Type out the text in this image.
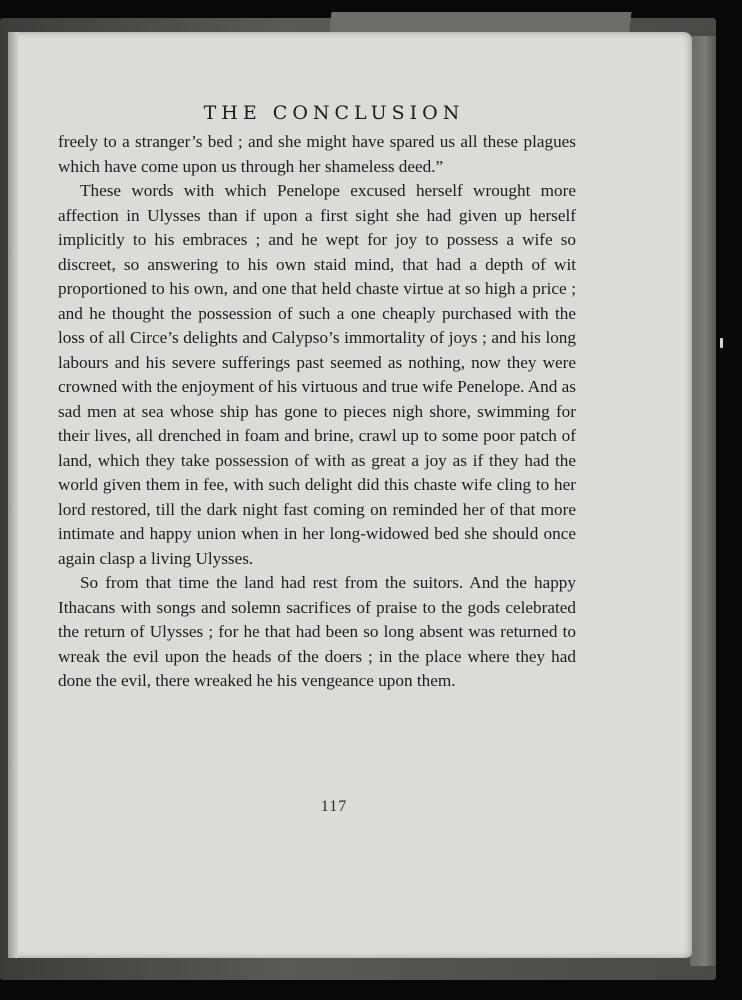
THE CONCLUSION

freely to a stranger’s bed ; and she might have spared us all these plagues which have come upon us through her shameless deed.”

These words with which Penelope excused herself wrought more affection in Ulysses than if upon a first sight she had given up herself implicitly to his embraces ; and he wept for joy to possess a wife so discreet, so answering to his own staid mind, that had a depth of wit proportioned to his own, and one that held chaste virtue at so high a price ; and he thought the possession of such a one cheaply purchased with the loss of all Circe’s delights and Calypso’s immortality of joys ; and his long labours and his severe sufferings past seemed as nothing, now they were crowned with the enjoyment of his virtuous and true wife Penelope. And as sad men at sea whose ship has gone to pieces nigh shore, swimming for their lives, all drenched in foam and brine, crawl up to some poor patch of land, which they take possession of with as great a joy as if they had the world given them in fee, with such delight did this chaste wife cling to her lord restored, till the dark night fast coming on reminded her of that more intimate and happy union when in her long-widowed bed she should once again clasp a living Ulysses.

So from that time the land had rest from the suitors. And the happy Ithacans with songs and solemn sacrifices of praise to the gods celebrated the return of Ulysses ; for he that had been so long absent was returned to wreak the evil upon the heads of the doers ; in the place where they had done the evil, there wreaked he his vengeance upon them.

117
